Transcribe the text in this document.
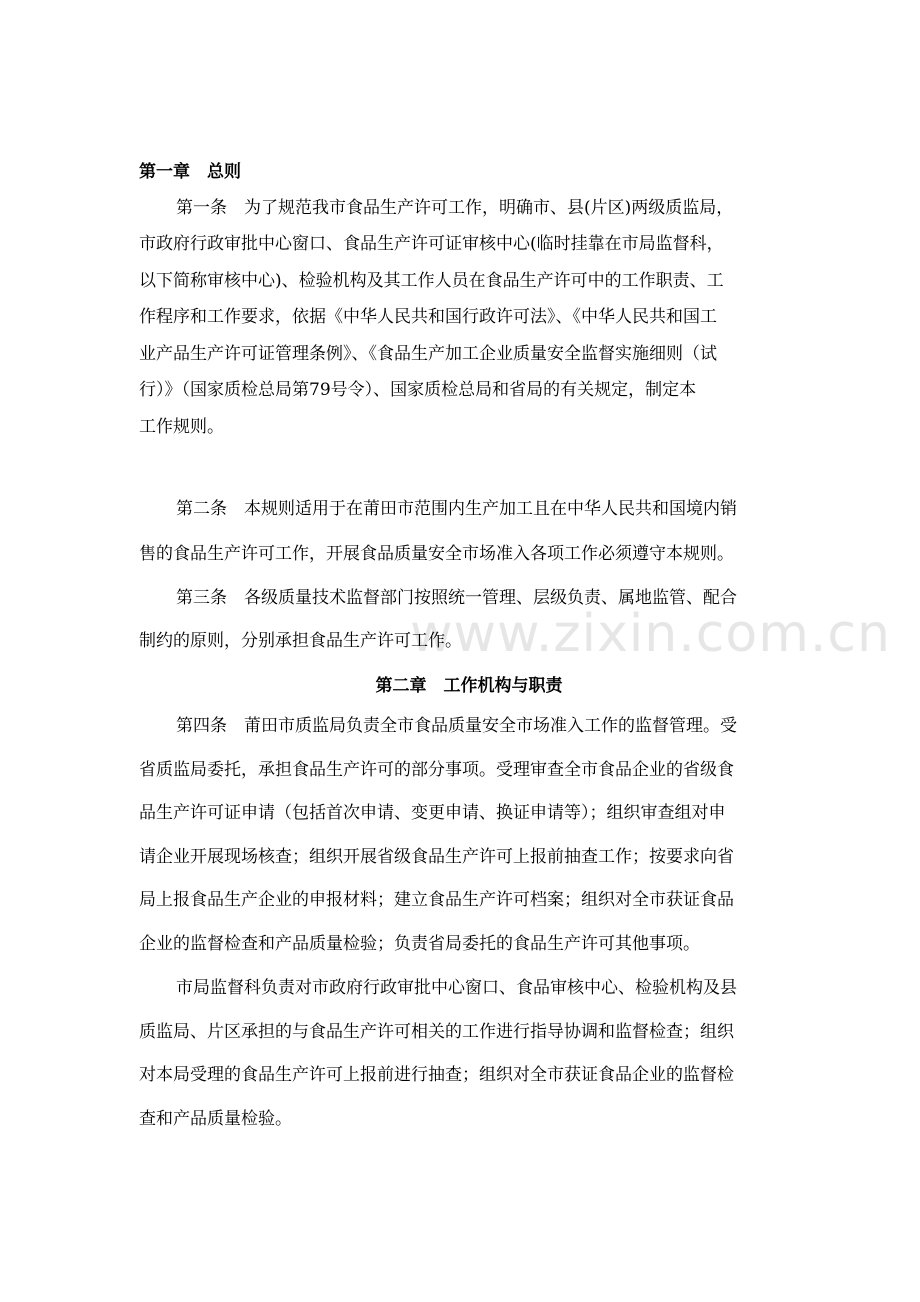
www.zixin.com.cn
第一章　总则
第一条　为了规范我市食品生产许可工作，明确市、县(片区)两级质监局，
市政府行政审批中心窗口、食品生产许可证审核中心(临时挂靠在市局监督科，
以下简称审核中心)、检验机构及其工作人员在食品生产许可中的工作职责、工
作程序和工作要求，依据《中华人民共和国行政许可法》、《中华人民共和国工
业产品生产许可证管理条例》、《食品生产加工企业质量安全监督实施细则（试
行）》（国家质检总局第79号令）、国家质检总局和省局的有关规定，制定本
工作规则。
第二条　本规则适用于在莆田市范围内生产加工且在中华人民共和国境内销
售的食品生产许可工作，开展食品质量安全市场准入各项工作必须遵守本规则。
第三条　各级质量技术监督部门按照统一管理、层级负责、属地监管、配合
制约的原则，分别承担食品生产许可工作。
第二章　工作机构与职责
第四条　莆田市质监局负责全市食品质量安全市场准入工作的监督管理。受
省质监局委托，承担食品生产许可的部分事项。受理审查全市食品企业的省级食
品生产许可证申请（包括首次申请、变更申请、换证申请等）；组织审查组对申
请企业开展现场核查；组织开展省级食品生产许可上报前抽查工作；按要求向省
局上报食品生产企业的申报材料；建立食品生产许可档案；组织对全市获证食品
企业的监督检查和产品质量检验；负责省局委托的食品生产许可其他事项。
市局监督科负责对市政府行政审批中心窗口、食品审核中心、检验机构及县
质监局、片区承担的与食品生产许可相关的工作进行指导协调和监督检查；组织
对本局受理的食品生产许可上报前进行抽查；组织对全市获证食品企业的监督检
查和产品质量检验。
